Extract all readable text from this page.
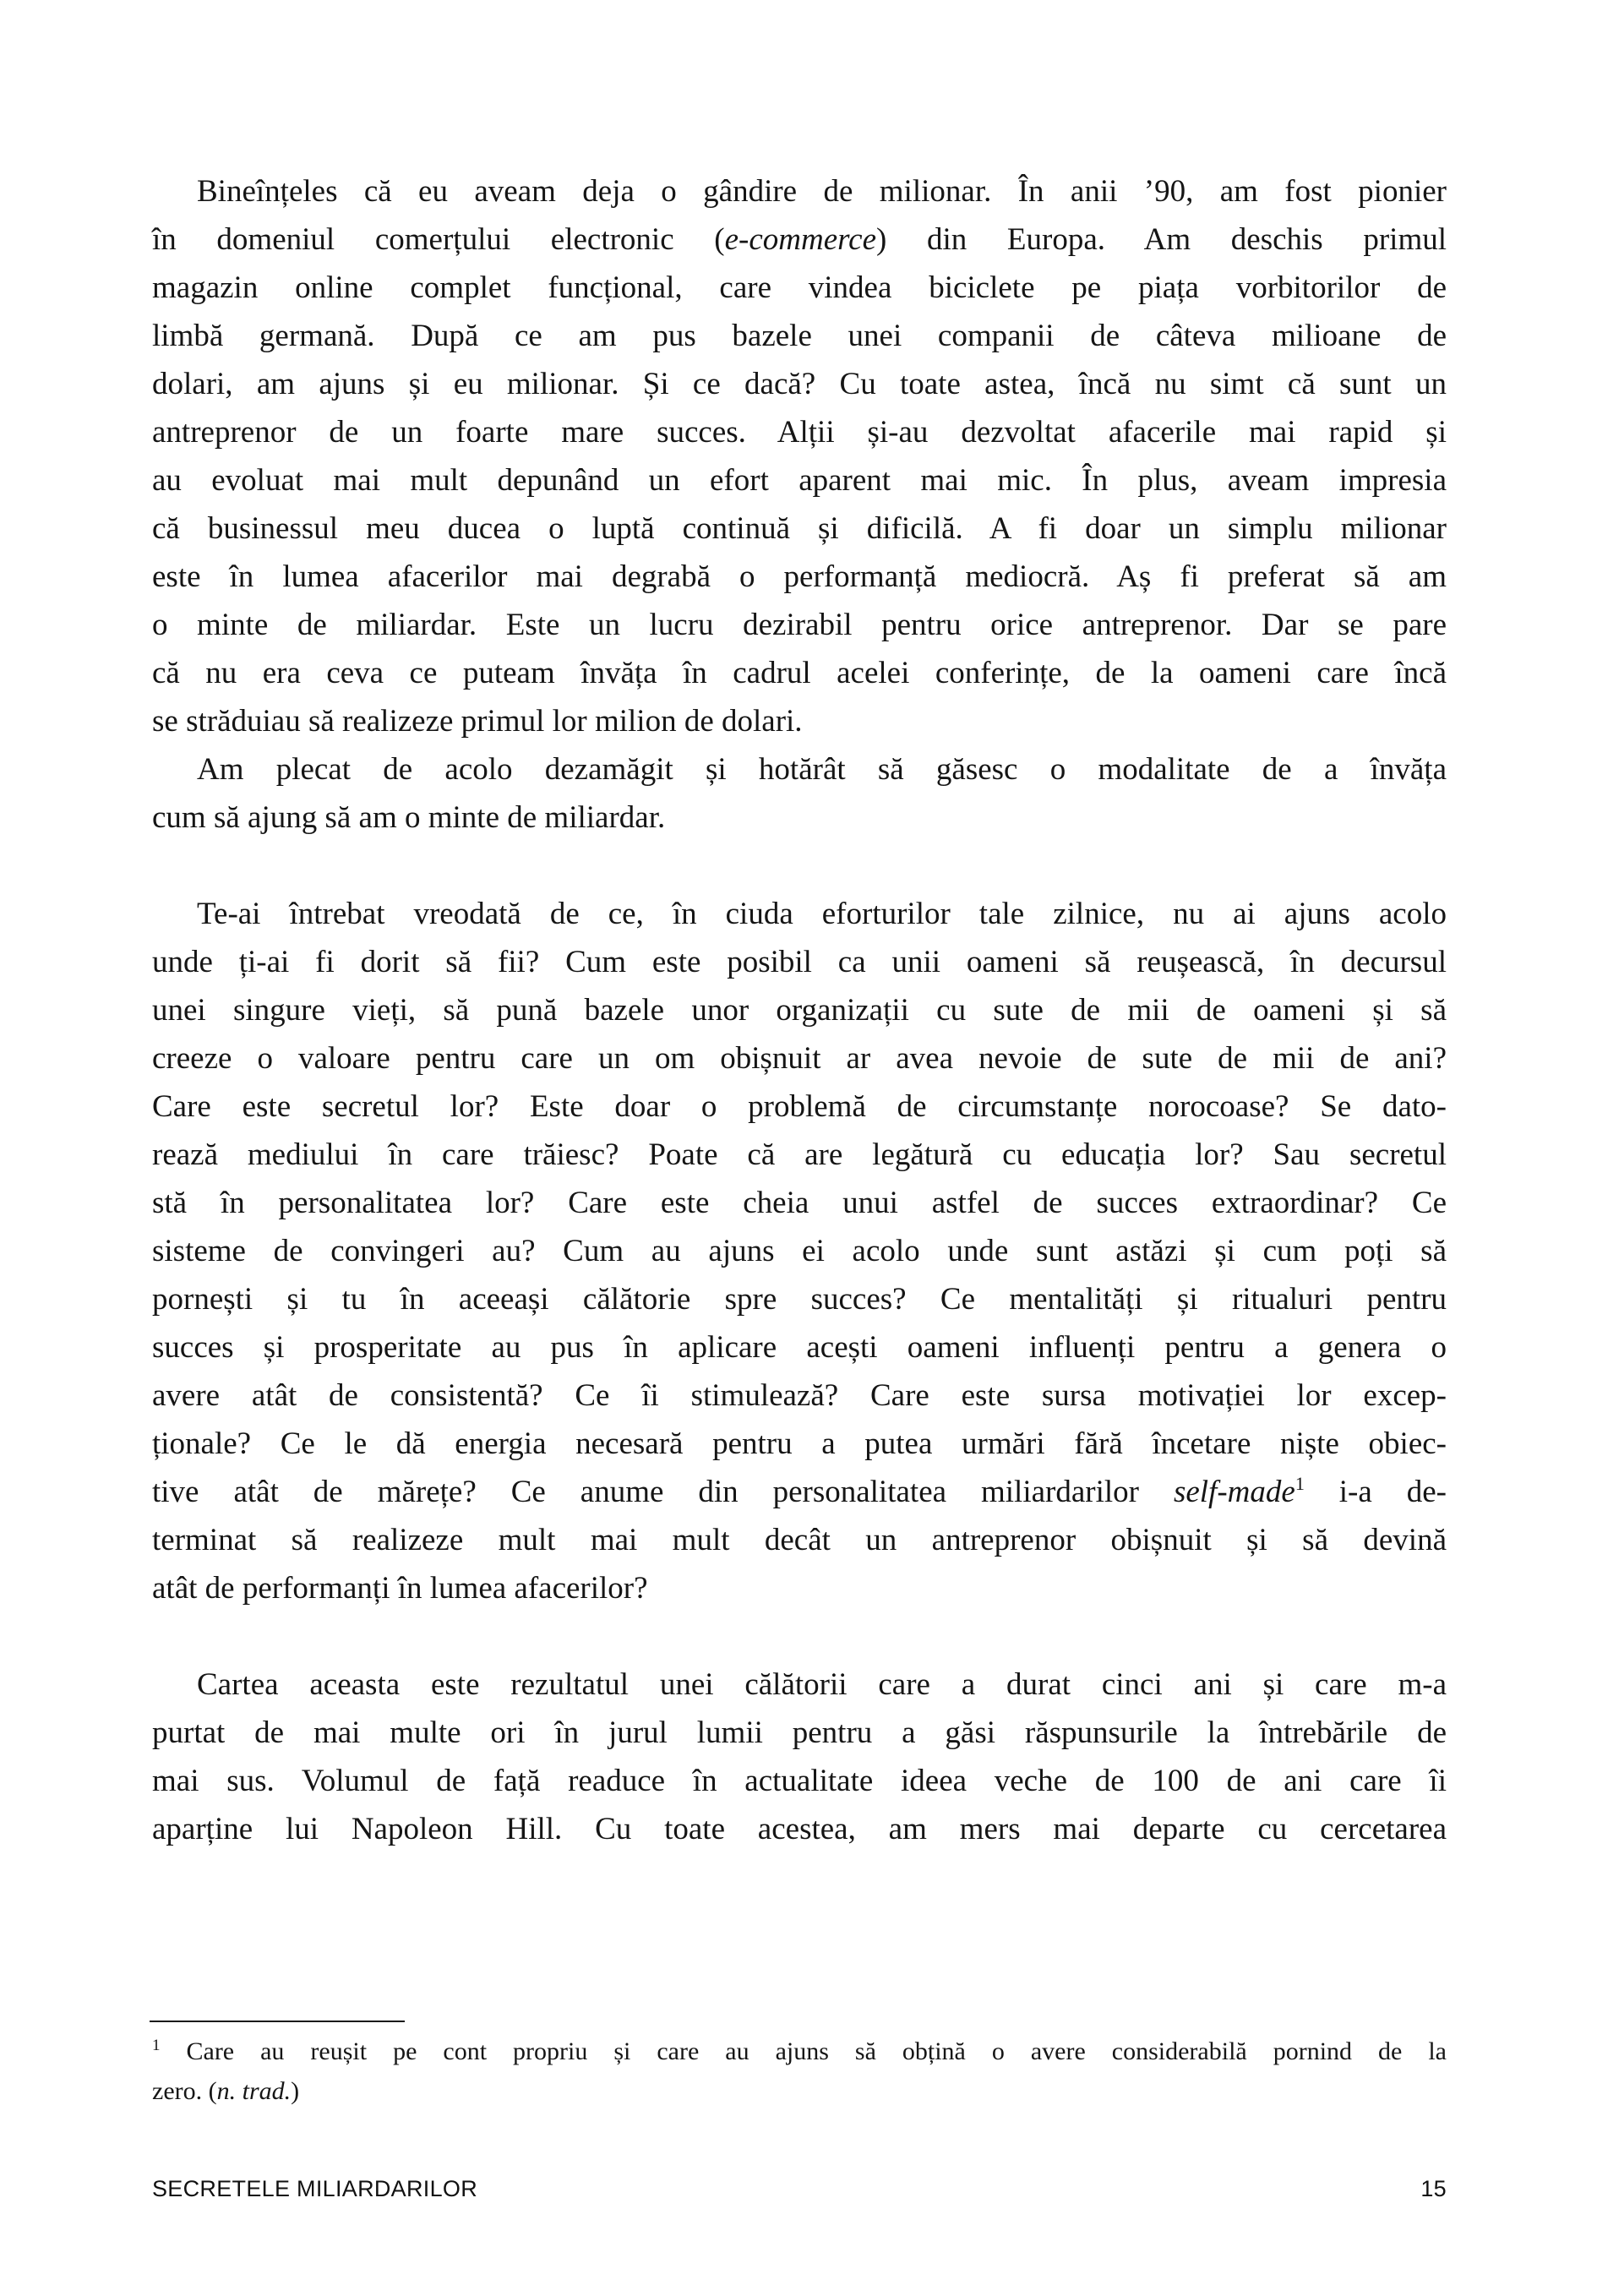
Bineînțeles că eu aveam deja o gândire de milionar. În anii ’90, am fost pionier
în domeniul comerțului electronic (e-commerce) din Europa. Am deschis primul
magazin online complet funcțional, care vindea biciclete pe piața vorbitorilor de
limbă germană. După ce am pus bazele unei companii de câteva milioane de
dolari, am ajuns și eu milionar. Și ce dacă? Cu toate astea, încă nu simt că sunt un
antreprenor de un foarte mare succes. Alții și-au dezvoltat afacerile mai rapid și
au evoluat mai mult depunând un efort aparent mai mic. În plus, aveam impresia
că businessul meu ducea o luptă continuă și dificilă. A fi doar un simplu milionar
este în lumea afacerilor mai degrabă o performanță mediocră. Aș fi preferat să am
o minte de miliardar. Este un lucru dezirabil pentru orice antreprenor. Dar se pare
că nu era ceva ce puteam învăța în cadrul acelei conferințe, de la oameni care încă
se străduiau să realizeze primul lor milion de dolari.
Am plecat de acolo dezamăgit și hotărât să găsesc o modalitate de a învăța
cum să ajung să am o minte de miliardar.
Te-ai întrebat vreodată de ce, în ciuda eforturilor tale zilnice, nu ai ajuns acolo
unde ți-ai fi dorit să fii? Cum este posibil ca unii oameni să reușească, în decursul
unei singure vieți, să pună bazele unor organizații cu sute de mii de oameni și să
creeze o valoare pentru care un om obișnuit ar avea nevoie de sute de mii de ani?
Care este secretul lor? Este doar o problemă de circumstanțe norocoase? Se dato-
rează mediului în care trăiesc? Poate că are legătură cu educația lor? Sau secretul
stă în personalitatea lor? Care este cheia unui astfel de succes extraordinar? Ce
sisteme de convingeri au? Cum au ajuns ei acolo unde sunt astăzi și cum poți să
pornești și tu în aceeași călătorie spre succes? Ce mentalități și ritualuri pentru
succes și prosperitate au pus în aplicare acești oameni influenți pentru a genera o
avere atât de consistentă? Ce îi stimulează? Care este sursa motivației lor excep-
ționale? Ce le dă energia necesară pentru a putea urmări fără încetare niște obiec-
tive atât de mărețe? Ce anume din personalitatea miliardarilor self-made$^1$ i-a de-
terminat să realizeze mult mai mult decât un antreprenor obișnuit și să devină
atât de performanți în lumea afacerilor?
Cartea aceasta este rezultatul unei călătorii care a durat cinci ani și care m-a
purtat de mai multe ori în jurul lumii pentru a găsi răspunsurile la întrebările de
mai sus. Volumul de față readuce în actualitate ideea veche de 100 de ani care îi
aparține lui Napoleon Hill. Cu toate acestea, am mers mai departe cu cercetarea
$^1$ Care au reușit pe cont propriu și care au ajuns să obțină o avere considerabilă pornind de la
zero. (n. trad.)
SECRETELE MILIARDARILOR	15
